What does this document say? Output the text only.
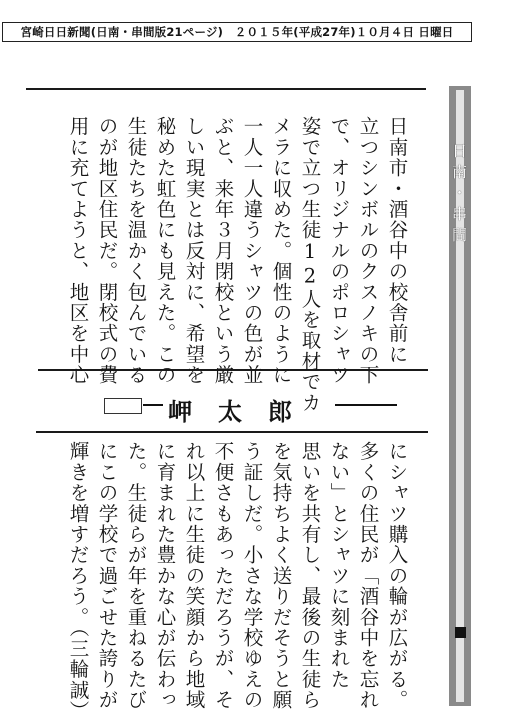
宮崎日日新聞(日南・串間版21ページ)　２０１５年(平成27年)１０月４日 日曜日
日南・串間
日南市・酒谷中の校舎前に
立つシンボルのクスノキの下
で、オリジナルのポロシャツ
姿で立つ生徒12人を取材でカ
メラに収めた。個性のように
一人一人違うシャツの色が並
ぶと、来年３月閉校という厳
しい現実とは反対に、希望を
秘めた虹色にも見えた。この
生徒たちを温かく包んでいる
のが地区住民だ。閉校式の費
用に充てようと、地区を中心
岬太郎
にシャツ購入の輪が広がる。
多くの住民が「酒谷中を忘れ
ない」とシャツに刻まれた
思いを共有し、最後の生徒ら
を気持ちよく送りだそうと願
う証しだ。小さな学校ゆえの
不便さもあっただろうが、そ
れ以上に生徒の笑顔から地域
に育まれた豊かな心が伝わっ
た。生徒らが年を重ねるたび
にこの学校で過ごせた誇りが
輝きを増すだろう。（三輪誠）
